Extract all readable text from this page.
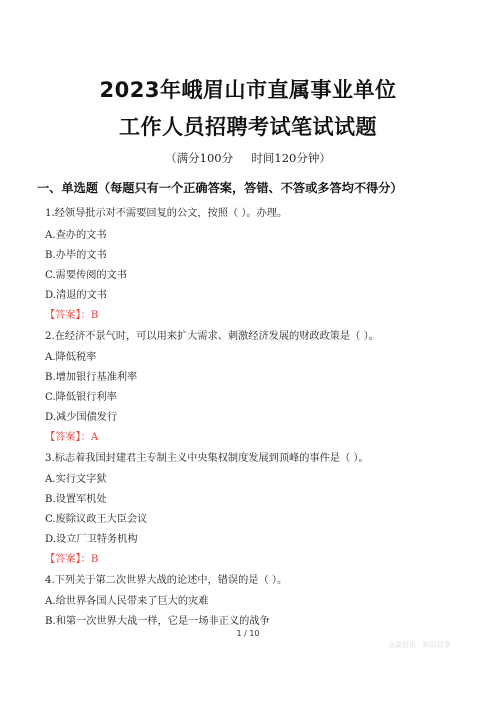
2023年峨眉山市直属事业单位
工作人员招聘考试笔试试题
（满分100分     时间120分钟）
一、单选题（每题只有一个正确答案，答错、不答或多答均不得分）
1.经领导批示对不需要回复的公文，按照（ ）。办理。
A.查办的文书
B.办毕的文书
C.需要传阅的文书
D.清退的文书
【答案】：B
2.在经济不景气时，可以用来扩大需求、刺激经济发展的财政政策是（ ）。
A.降低税率
B.增加银行基准利率
C.降低银行利率
D.减少国债发行
【答案】：A
3.标志着我国封建君主专制主义中央集权制度发展到顶峰的事件是（ ）。
A.实行文字狱
B.设置军机处
C.废除议政王大臣会议
D.设立厂卫特务机构
【答案】：B
4.下列关于第二次世界大战的论述中，错误的是（ ）。
A.给世界各国人民带来了巨大的灾难
B.和第一次世界大战一样，它是一场非正义的战争
1 / 10
众森资讯 · 知识共享
